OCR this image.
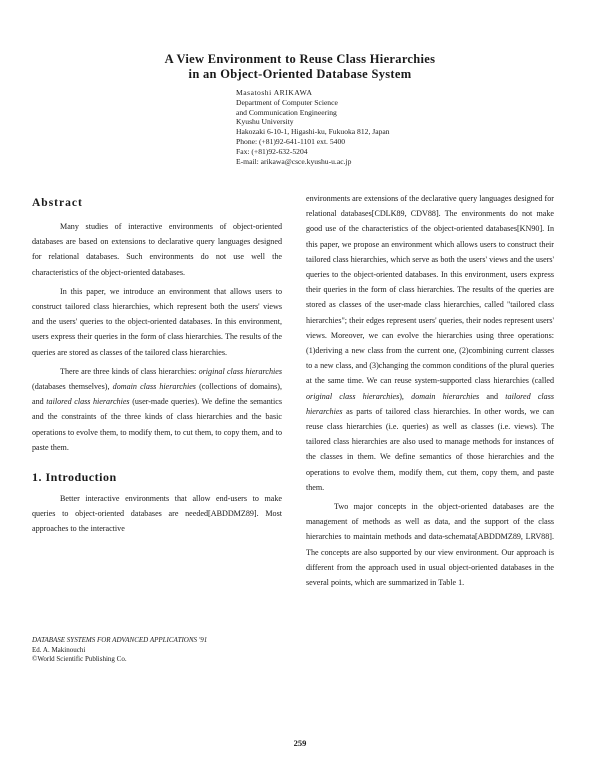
A View Environment to Reuse Class Hierarchies
in an Object-Oriented Database System
Masatoshi ARIKAWA
Department of Computer Science
and Communication Engineering
Kyushu University
Hakozaki 6-10-1, Higashi-ku, Fukuoka 812, Japan
Phone: (+81)92-641-1101 ext. 5400
Fax: (+81)92-632-5204
E-mail: arikawa@csce.kyushu-u.ac.jp
Abstract

Many studies of interactive environments of object-oriented databases are based on extensions to declarative query languages designed for relational databases. Such environments do not use well the characteristics of the object-oriented databases.

In this paper, we introduce an environment that allows users to construct tailored class hierarchies, which represent both the users' views and the users' queries to the object-oriented databases. In this environment, users express their queries in the form of class hierarchies. The results of the queries are stored as classes of the tailored class hierarchies.

There are three kinds of class hierarchies: original class hierarchies (databases themselves), domain class hierarchies (collections of domains), and tailored class hierarchies (user-made queries). We define the semantics and the constraints of the three kinds of class hierarchies and the basic operations to evolve them, to modify them, to cut them, to copy them, and to paste them.

1. Introduction

Better interactive environments that allow end-users to make queries to object-oriented databases are needed[ABDDMZ89]. Most approaches to the interactive

environments are extensions of the declarative query languages designed for relational databases[CDLK89, CDV88]. The environments do not make good use of the characteristics of the object-oriented databases[KN90]. In this paper, we propose an environment which allows users to construct their tailored class hierarchies, which serve as both the users' views and the users' queries to the object-oriented databases. In this environment, users express their queries in the form of class hierarchies. The results of the queries are stored as classes of the user-made class hierarchies, called "tailored class hierarchies"; their edges represent users' queries, their nodes represent users' views. Moreover, we can evolve the hierarchies using three operations: (1)deriving a new class from the current one, (2)combining current classes to a new class, and (3)changing the common conditions of the plural queries at the same time. We can reuse system-supported class hierarchies (called original class hierarchies), domain hierarchies and tailored class hierarchies as parts of tailored class hierarchies. In other words, we can reuse class hierarchies (i.e. queries) as well as classes (i.e. views). The tailored class hierarchies are also used to manage methods for instances of the classes in them. We define semantics of those hierarchies and the operations to evolve them, modify them, cut them, copy them, and paste them.

Two major concepts in the object-oriented databases are the management of methods as well as data, and the support of the class hierarchies to maintain methods and data-schemata[ABDDMZ89, LRV88]. The concepts are also supported by our view environment. Our approach is different from the approach used in usual object-oriented databases in the several points, which are summarized in Table 1.

DATABASE SYSTEMS FOR ADVANCED APPLICATIONS '91
Ed. A. Makinouchi
©World Scientific Publishing Co.
259
